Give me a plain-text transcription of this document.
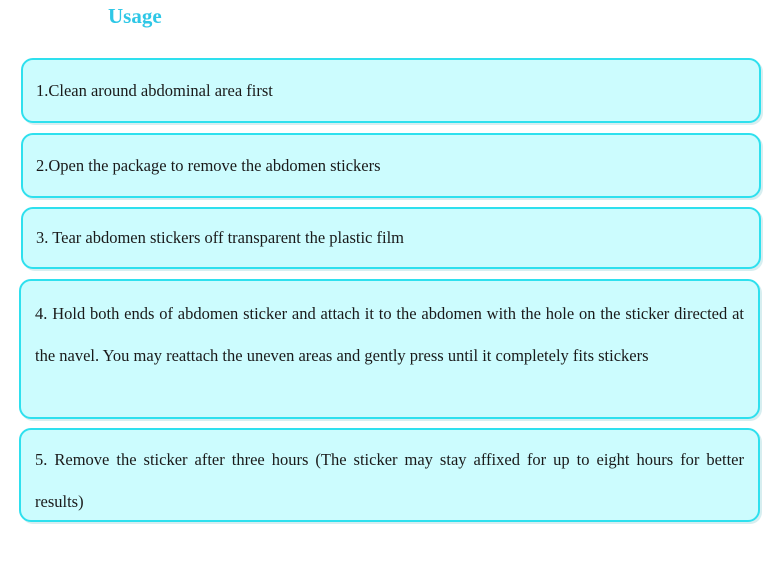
Usage
1.Clean around abdominal area first
2.Open the package to remove the abdomen stickers
3. Tear abdomen stickers off transparent the plastic film
4. Hold both ends of abdomen sticker and attach it to the abdomen with the hole on the sticker directed at the navel. You may reattach the uneven areas and gently press until it completely fits stickers
5. Remove the sticker after three hours (The sticker may stay affixed for up to eight hours for better results)
